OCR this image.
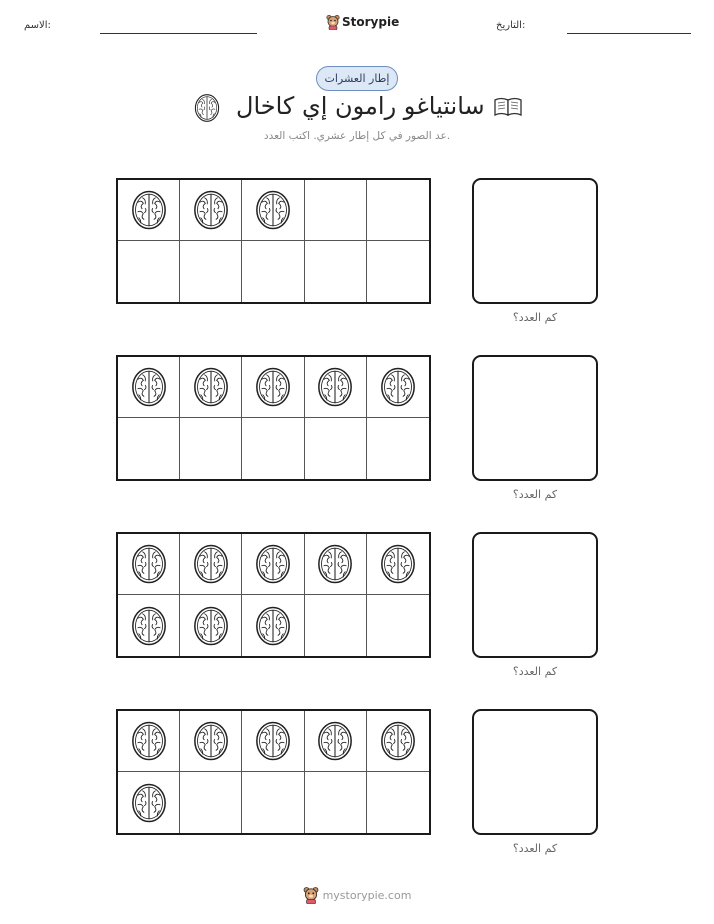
الاسم:	Storypie	التاريخ:
إطار العشرات
سانتياغو رامون إي كاخال
عد الصور في كل إطار عشري. اكتب العدد.
كم العدد؟
كم العدد؟
كم العدد؟
كم العدد؟
mystorypie.com
